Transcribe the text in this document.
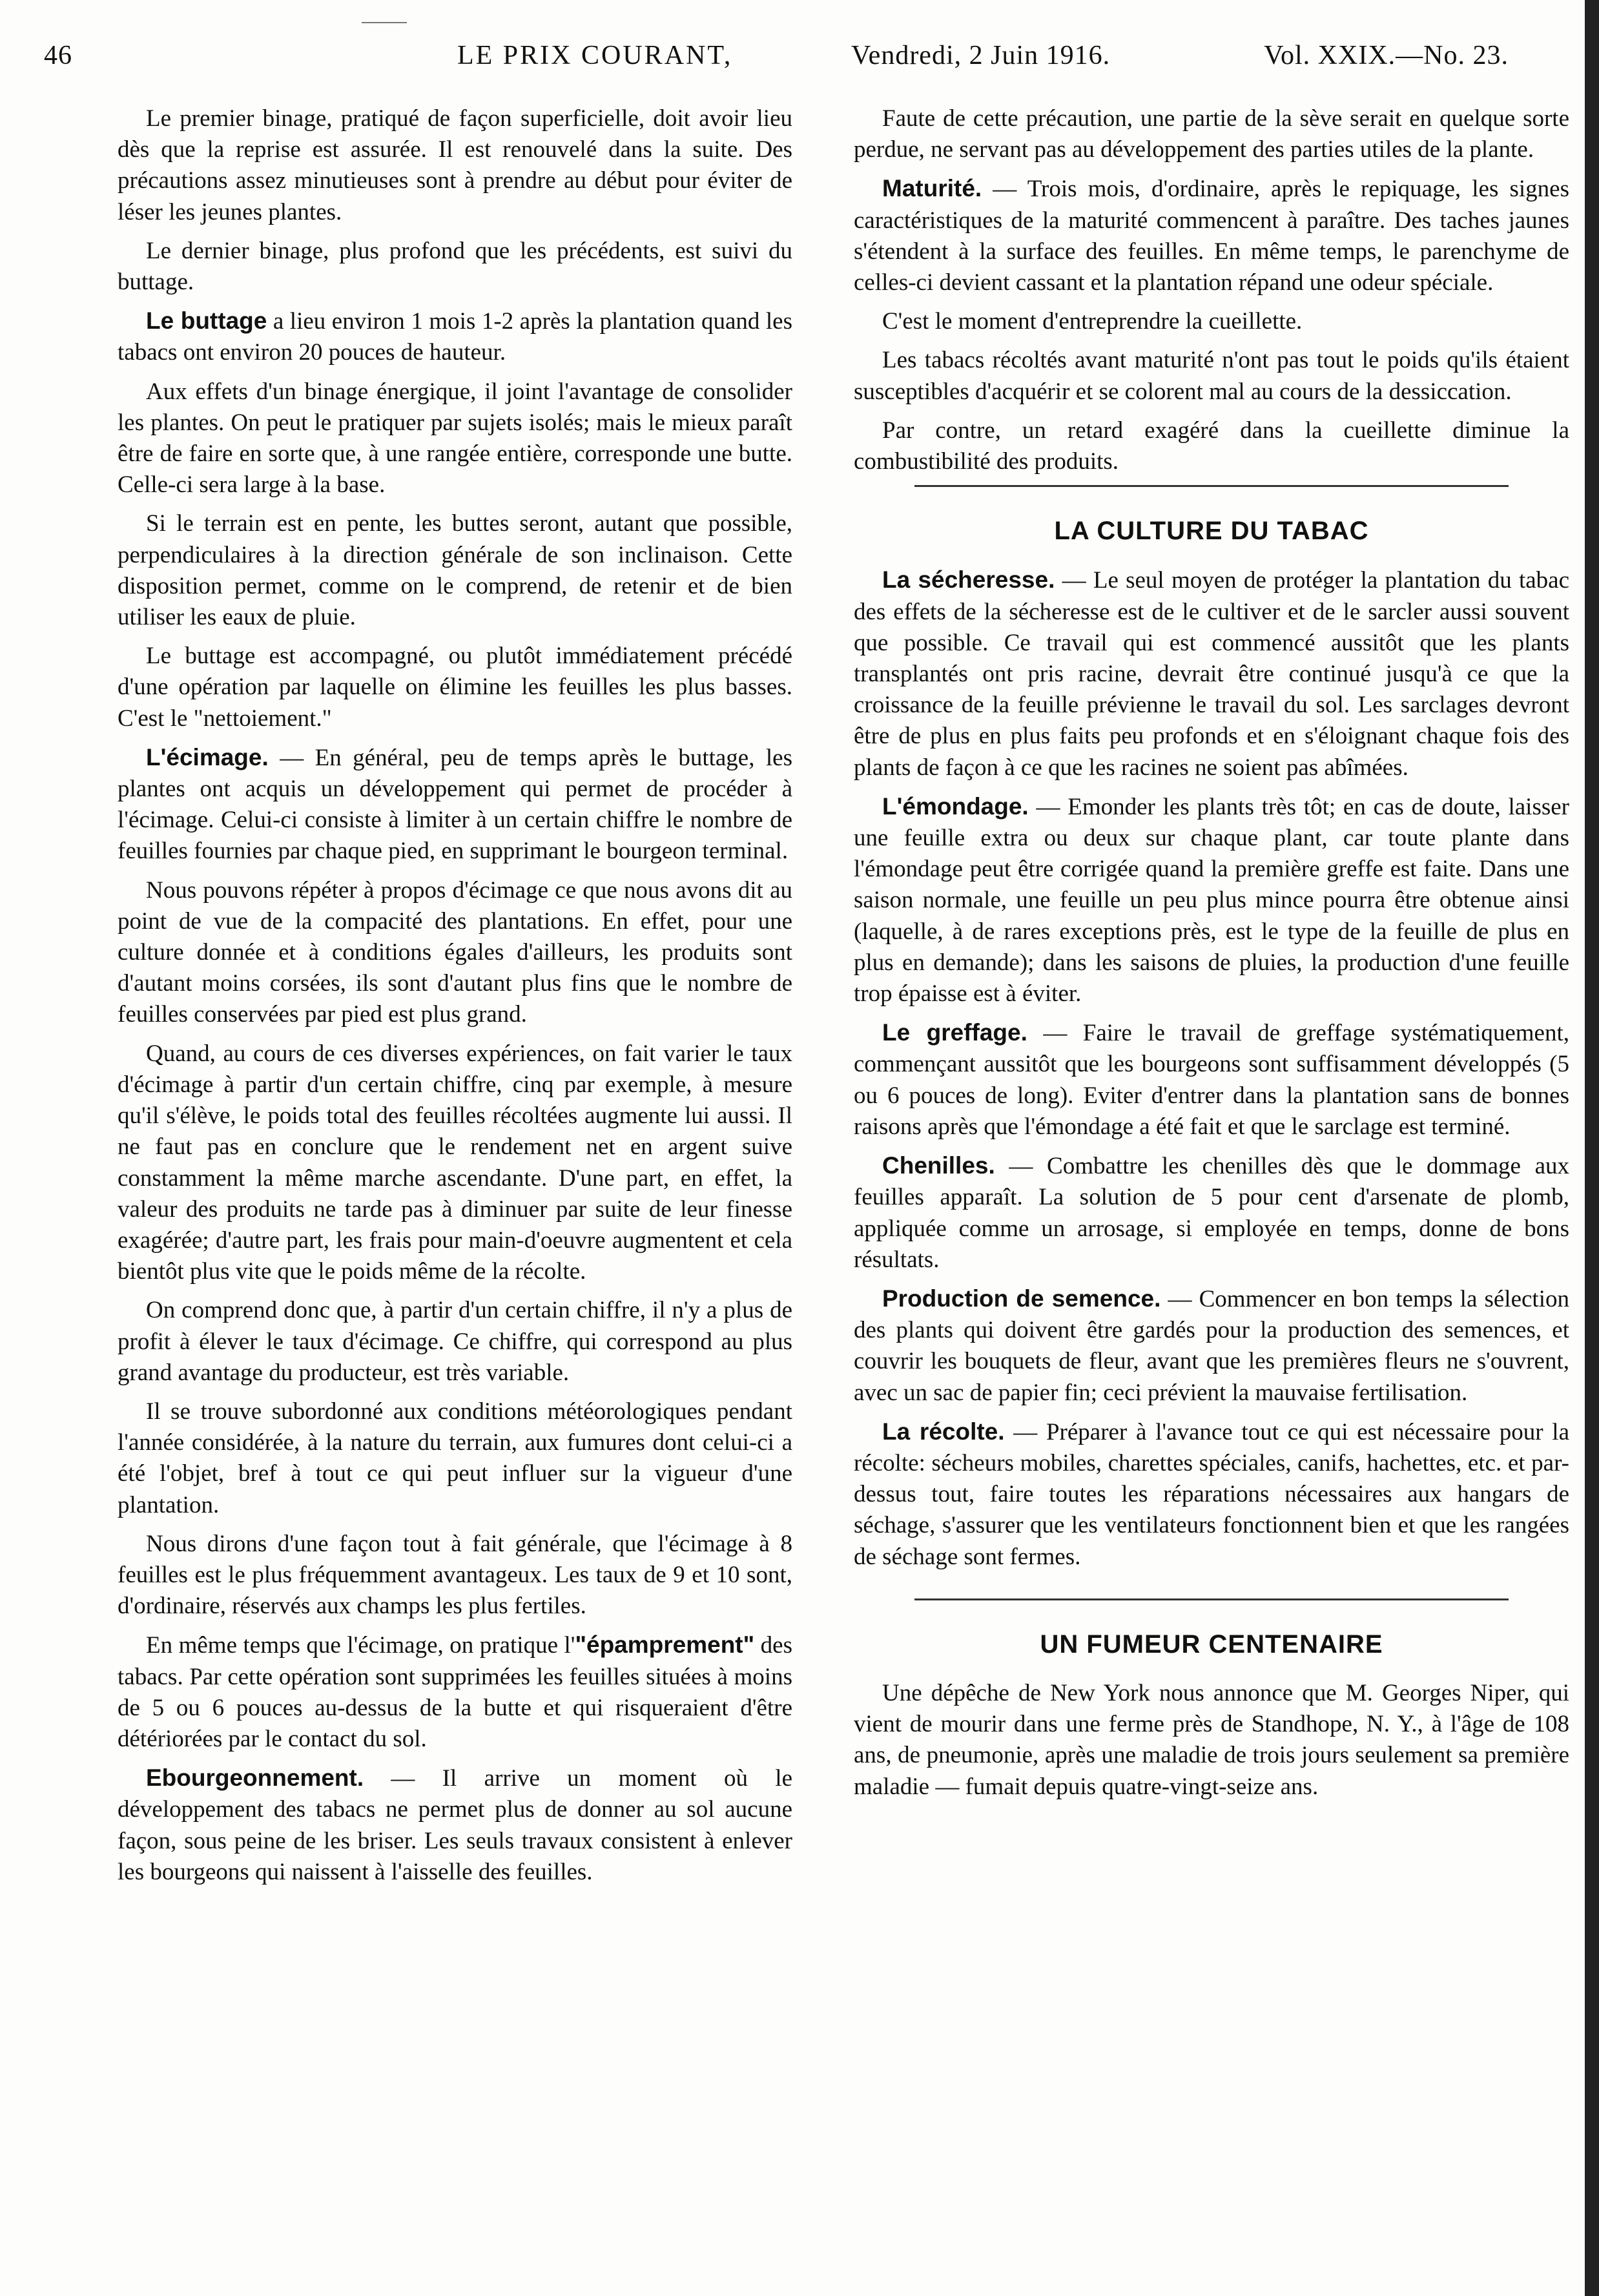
46	LE PRIX COURANT,	Vendredi, 2 Juin 1916.	Vol. XXIX.—No. 23.

Le premier binage, pratiqué de façon superficielle, doit avoir lieu dès que la reprise est assurée. Il est renouvelé dans la suite. Des précautions assez minutieuses sont à prendre au début pour éviter de léser les jeunes plantes.

Le dernier binage, plus profond que les précédents, est suivi du buttage.

Le buttage a lieu environ 1 mois 1-2 après la plantation quand les tabacs ont environ 20 pouces de hauteur.

Aux effets d'un binage énergique, il joint l'avantage de consolider les plantes. On peut le pratiquer par sujets isolés; mais le mieux paraît être de faire en sorte que, à une rangée entière, corresponde une butte. Celle-ci sera large à la base.

Si le terrain est en pente, les buttes seront, autant que possible, perpendiculaires à la direction générale de son inclinaison. Cette disposition permet, comme on le comprend, de retenir et de bien utiliser les eaux de pluie.

Le buttage est accompagné, ou plutôt immédiatement précédé d'une opération par laquelle on élimine les feuilles les plus basses. C'est le "nettoiement."

L'écimage. — En général, peu de temps après le buttage, les plantes ont acquis un développement qui permet de procéder à l'écimage. Celui-ci consiste à limiter à un certain chiffre le nombre de feuilles fournies par chaque pied, en supprimant le bourgeon terminal.

Nous pouvons répéter à propos d'écimage ce que nous avons dit au point de vue de la compacité des plantations. En effet, pour une culture donnée et à conditions égales d'ailleurs, les produits sont d'autant moins corsées, ils sont d'autant plus fins que le nombre de feuilles conservées par pied est plus grand.

Quand, au cours de ces diverses expériences, on fait varier le taux d'écimage à partir d'un certain chiffre, cinq par exemple, à mesure qu'il s'élève, le poids total des feuilles récoltées augmente lui aussi. Il ne faut pas en conclure que le rendement net en argent suive constamment la même marche ascendante. D'une part, en effet, la valeur des produits ne tarde pas à diminuer par suite de leur finesse exagérée; d'autre part, les frais pour main-d'oeuvre augmentent et cela bientôt plus vite que le poids même de la récolte.

On comprend donc que, à partir d'un certain chiffre, il n'y a plus de profit à élever le taux d'écimage. Ce chiffre, qui correspond au plus grand avantage du producteur, est très variable.

Il se trouve subordonné aux conditions météorologiques pendant l'année considérée, à la nature du terrain, aux fumures dont celui-ci a été l'objet, bref à tout ce qui peut influer sur la vigueur d'une plantation.

Nous dirons d'une façon tout à fait générale, que l'écimage à 8 feuilles est le plus fréquemment avantageux. Les taux de 9 et 10 sont, d'ordinaire, réservés aux champs les plus fertiles.

En même temps que l'écimage, on pratique l'"épamprement" des tabacs. Par cette opération sont supprimées les feuilles situées à moins de 5 ou 6 pouces au-dessus de la butte et qui risqueraient d'être détériorées par le contact du sol.

Ebourgeonnement. — Il arrive un moment où le développement des tabacs ne permet plus de donner au sol aucune façon, sous peine de les briser. Les seuls travaux consistent à enlever les bourgeons qui naissent à l'aisselle des feuilles.

Faute de cette précaution, une partie de la sève serait en quelque sorte perdue, ne servant pas au développement des parties utiles de la plante.

Maturité. — Trois mois, d'ordinaire, après le repiquage, les signes caractéristiques de la maturité commencent à paraître. Des taches jaunes s'étendent à la surface des feuilles. En même temps, le parenchyme de celles-ci devient cassant et la plantation répand une odeur spéciale.

C'est le moment d'entreprendre la cueillette.

Les tabacs récoltés avant maturité n'ont pas tout le poids qu'ils étaient susceptibles d'acquérir et se colorent mal au cours de la dessiccation.

Par contre, un retard exagéré dans la cueillette diminue la combustibilité des produits.

LA CULTURE DU TABAC

La sécheresse. — Le seul moyen de protéger la plantation du tabac des effets de la sécheresse est de le cultiver et de le sarcler aussi souvent que possible. Ce travail qui est commencé aussitôt que les plants transplantés ont pris racine, devrait être continué jusqu'à ce que la croissance de la feuille prévienne le travail du sol. Les sarclages devront être de plus en plus faits peu profonds et en s'éloignant chaque fois des plants de façon à ce que les racines ne soient pas abîmées.

L'émondage. — Emonder les plants très tôt; en cas de doute, laisser une feuille extra ou deux sur chaque plant, car toute plante dans l'émondage peut être corrigée quand la première greffe est faite. Dans une saison normale, une feuille un peu plus mince pourra être obtenue ainsi (laquelle, à de rares exceptions près, est le type de la feuille de plus en plus en demande); dans les saisons de pluies, la production d'une feuille trop épaisse est à éviter.

Le greffage. — Faire le travail de greffage systématiquement, commençant aussitôt que les bourgeons sont suffisamment développés (5 ou 6 pouces de long). Eviter d'entrer dans la plantation sans de bonnes raisons après que l'émondage a été fait et que le sarclage est terminé.

Chenilles. — Combattre les chenilles dès que le dommage aux feuilles apparaît. La solution de 5 pour cent d'arsenate de plomb, appliquée comme un arrosage, si employée en temps, donne de bons résultats.

Production de semence. — Commencer en bon temps la sélection des plants qui doivent être gardés pour la production des semences, et couvrir les bouquets de fleur, avant que les premières fleurs ne s'ouvrent, avec un sac de papier fin; ceci prévient la mauvaise fertilisation.

La récolte. — Préparer à l'avance tout ce qui est nécessaire pour la récolte: sécheurs mobiles, charettes spéciales, canifs, hachettes, etc. et par-dessus tout, faire toutes les réparations nécessaires aux hangars de séchage, s'assurer que les ventilateurs fonctionnent bien et que les rangées de séchage sont fermes.

UN FUMEUR CENTENAIRE

Une dépêche de New York nous annonce que M. Georges Niper, qui vient de mourir dans une ferme près de Standhope, N. Y., à l'âge de 108 ans, de pneumonie, après une maladie de trois jours seulement sa première maladie — fumait depuis quatre-vingt-seize ans.
